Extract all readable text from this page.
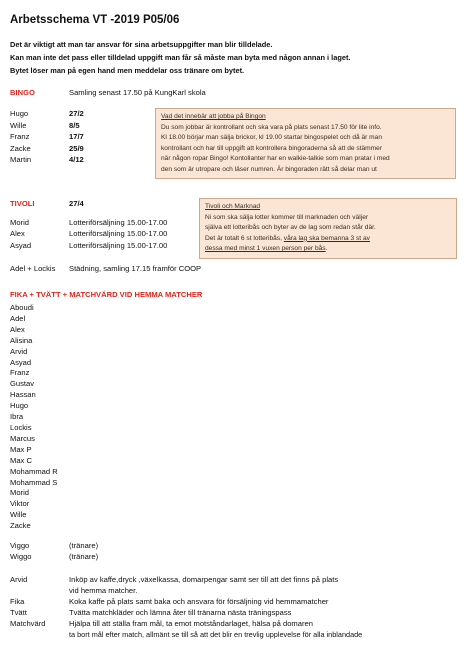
Arbetsschema VT -2019 P05/06
Det är viktigt att man tar ansvar för sina arbetsuppgifter man blir tilldelade.
Kan man inte det pass eller tilldelad uppgift man får så måste man byta med någon annan i laget.
Bytet löser man på egen hand men meddelar oss tränare om bytet.
BINGO	Samling senast 17.50 på KungKarl skola
Hugo	27/2
Wille	8/5
Franz	17/7
Zacke	25/9
Martin	4/12
Vad det innebär att jobba på Bingon
Du som jobbar är kontrollant och ska vara på plats senast 17.50 för lite info.
Kl 18.00 börjar man sälja brickor, kl 19.00 startar bingospelet och då är man
kontrollant och har till uppgift att kontrollera bingoraderna så att de stämmer
när någon ropar Bingo! Kontollanter har en walkie-talkie som man pratar i med
den som är utropare och läser numren. Är bingoraden rätt så delar man ut
TIVOLI	27/4
Morid	Lotteriförsäljning 15.00-17.00
Alex	Lotteriförsäljning 15.00-17.00
Asyad	Lotteriförsäljning 15.00-17.00
Adel + Lockis Städning, samling 17.15 framför COOP
Tivoli och Marknad
Ni som ska sälja lotter kommer till marknaden och väljer
själva ett lotteribås och byter av de lag som redan står där.
Det är totalt 6 st lotteribås, våra lag ska bemanna 3 st av
dessa med minst 1 vuxen person per bås.
FIKA + TVÄTT + MATCHVÄRD VID HEMMA MATCHER
Aboudi
Adel
Alex
Alisina
Arvid
Asyad
Franz
Gustav
Hassan
Hugo
Ibra
Lockis
Marcus
Max P
Max C
Mohammad R
Mohammad S
Morid
Viktor
Wille
Zacke
Viggo	(tränare)
Wiggo	(tränare)
Arvid	Inköp av kaffe,dryck ,växelkassa, domarpengar samt ser till att det finns på plats
vid hemma matcher.
Fika	Koka kaffe på plats samt baka och ansvara för försäljning vid hemmamatcher
Tvätt	Tvätta matchkläder och lämna åter till tränarna nästa träningspass
Matchvärd	Hjälpa till att ställa fram mål, ta emot motståndarlaget, hälsa på domaren
ta bort mål efter match, allmänt se till så att det blir en trevlig upplevelse för alla inblandade
